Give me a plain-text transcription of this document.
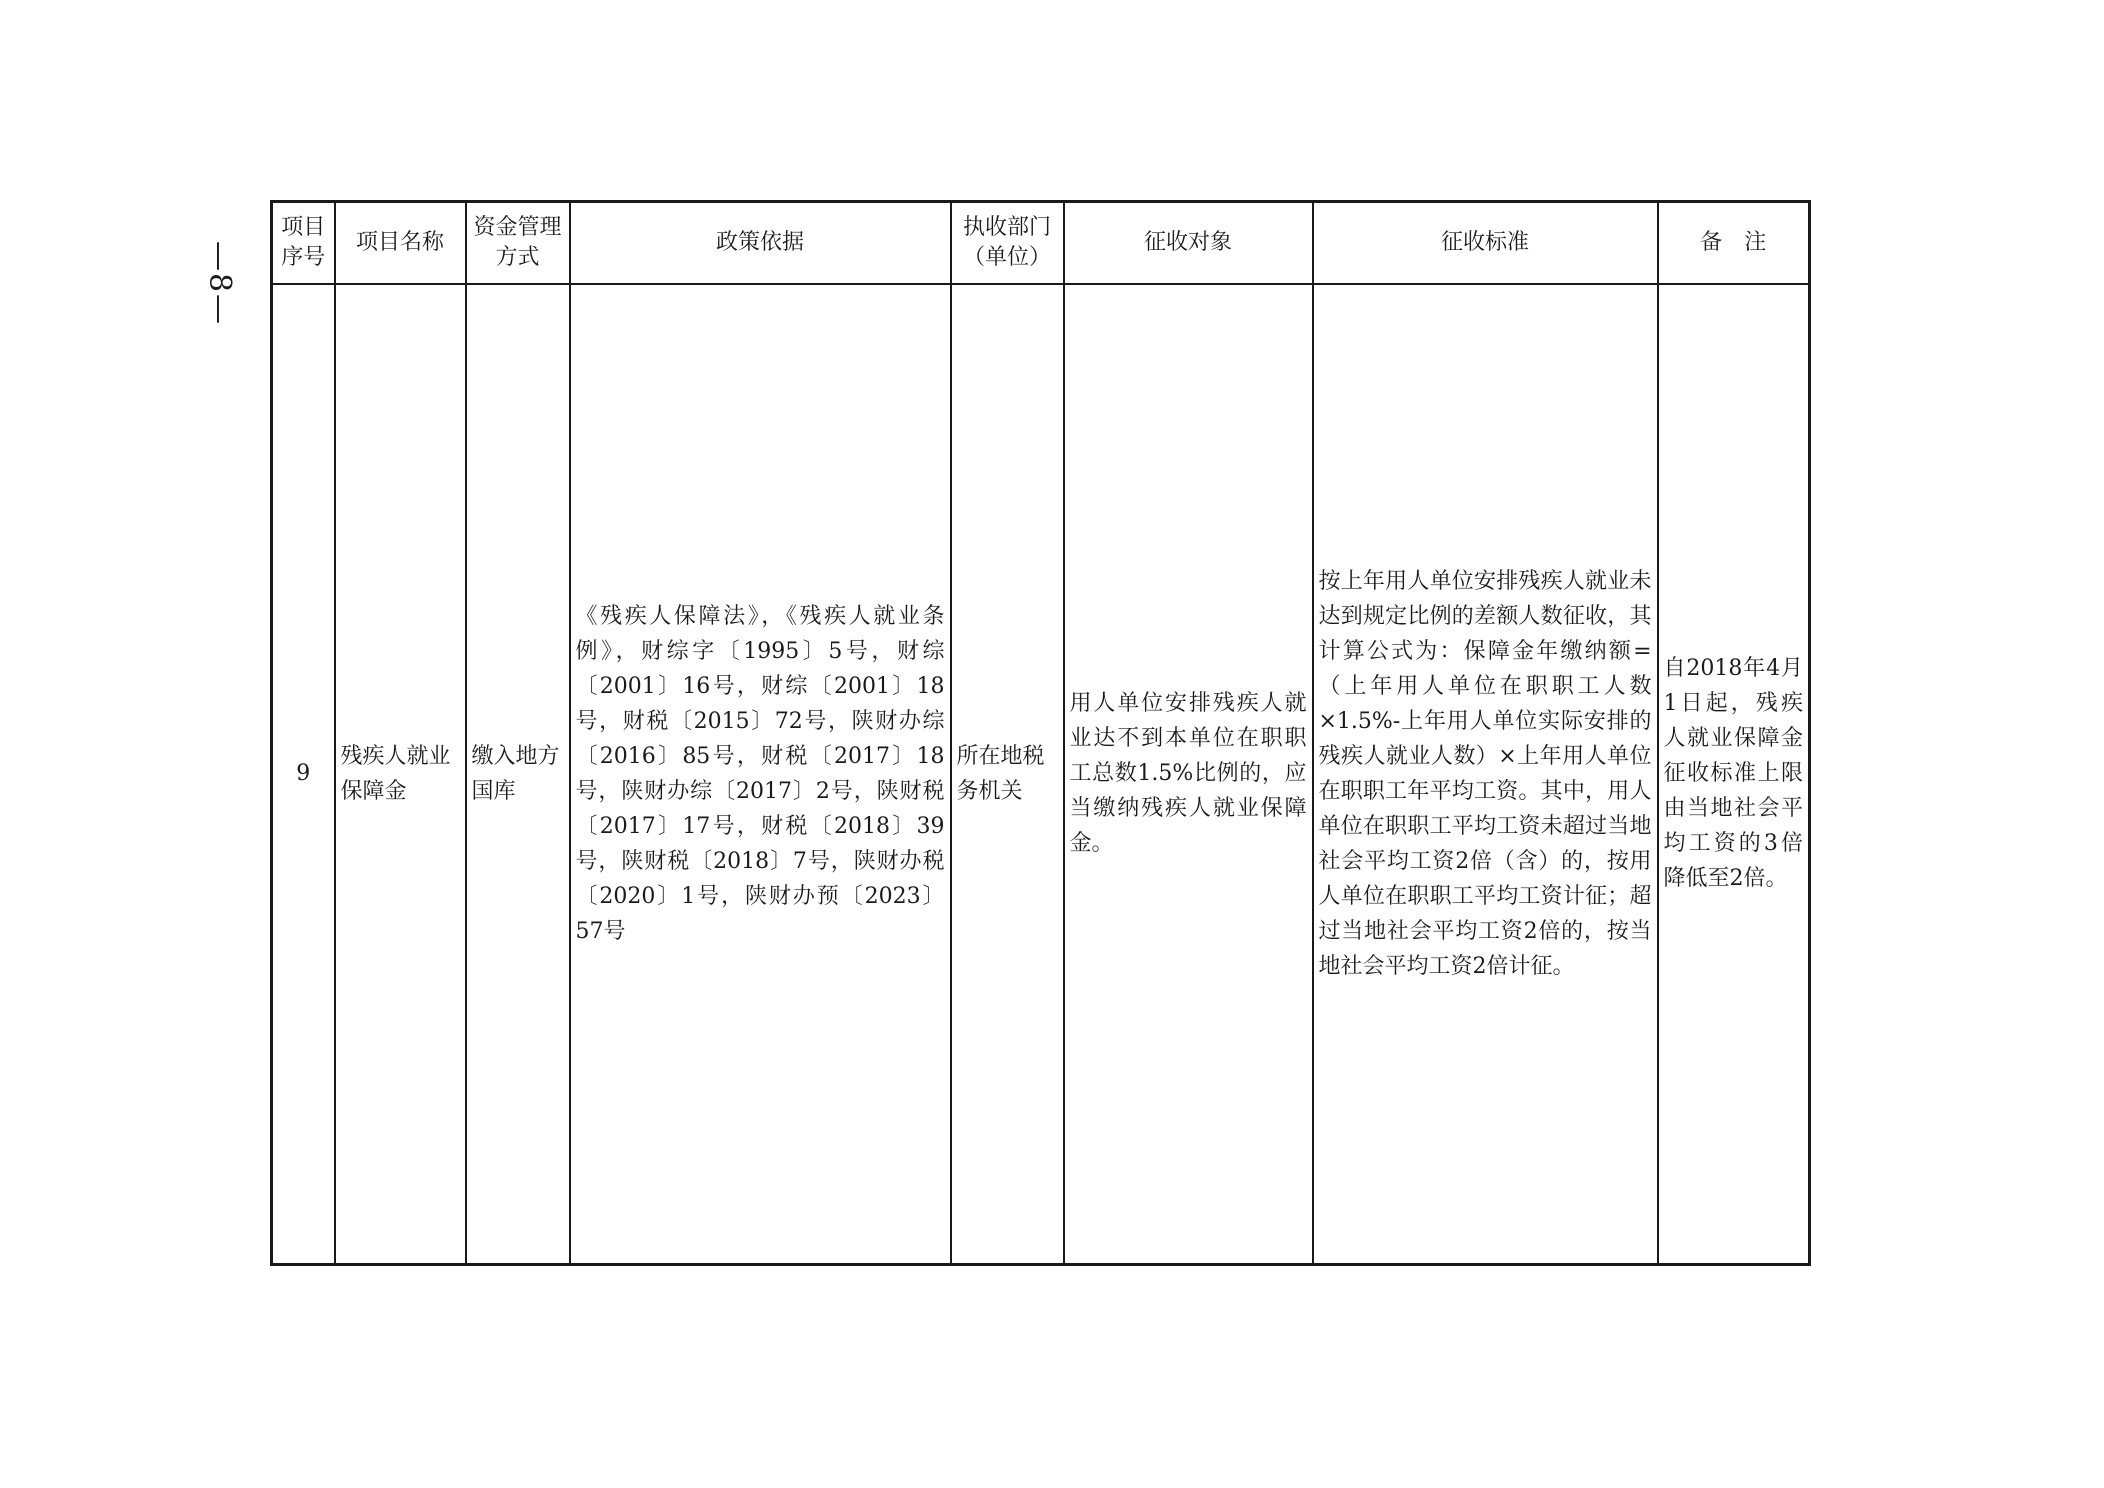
—8—
项目序号	项目名称	资金管理方式	政策依据	执收部门（单位）	征收对象	征收标准	备注
9	残疾人就业保障金	缴入地方国库	《残疾人保障法》，《残疾人就业条例》，财综字〔1995〕5号，财综〔2001〕16号，财综〔2001〕18号，财税〔2015〕72号，陕财办综〔2016〕85号，财税〔2017〕18号，陕财办综〔2017〕2号，陕财税〔2017〕17号，财税〔2018〕39号，陕财税〔2018〕7号，陕财办税〔2020〕1号，陕财办预〔2023〕57号	所在地税务机关	用人单位安排残疾人就业达不到本单位在职职工总数1.5%比例的，应当缴纳残疾人就业保障金。	按上年用人单位安排残疾人就业未达到规定比例的差额人数征收，其计算公式为：保障金年缴纳额=（上年用人单位在职职工人数×1.5%-上年用人单位实际安排的残疾人就业人数）×上年用人单位在职职工年平均工资。其中，用人单位在职职工平均工资未超过当地社会平均工资2倍（含）的，按用人单位在职职工平均工资计征；超过当地社会平均工资2倍的，按当地社会平均工资2倍计征。	自2018年4月1日起，残疾人就业保障金征收标准上限由当地社会平均工资的3倍降低至2倍。
